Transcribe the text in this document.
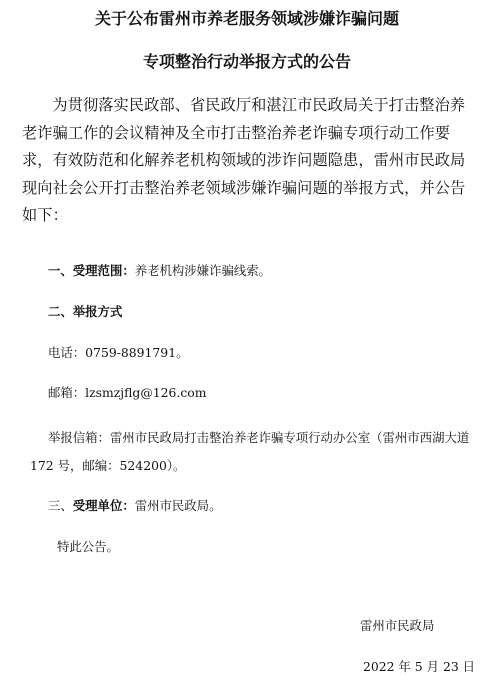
关于公布雷州市养老服务领域涉嫌诈骗问题
专项整治行动举报方式的公告
为贯彻落实民政部、省民政厅和湛江市民政局关于打击整治养老诈骗工作的会议精神及全市打击整治养老诈骗专项行动工作要求，有效防范和化解养老机构领域的涉诈问题隐患，雷州市民政局现向社会公开打击整治养老领域涉嫌诈骗问题的举报方式，并公告如下：
一、受理范围：养老机构涉嫌诈骗线索。
二、举报方式
电话：0759-8891791。
邮箱：lzsmzjflg@126.com
举报信箱：雷州市民政局打击整治养老诈骗专项行动办公室（雷州市西湖大道 172 号，邮编：524200）。
三、受理单位：雷州市民政局。
特此公告。
雷州市民政局
2022 年 5 月 23 日
